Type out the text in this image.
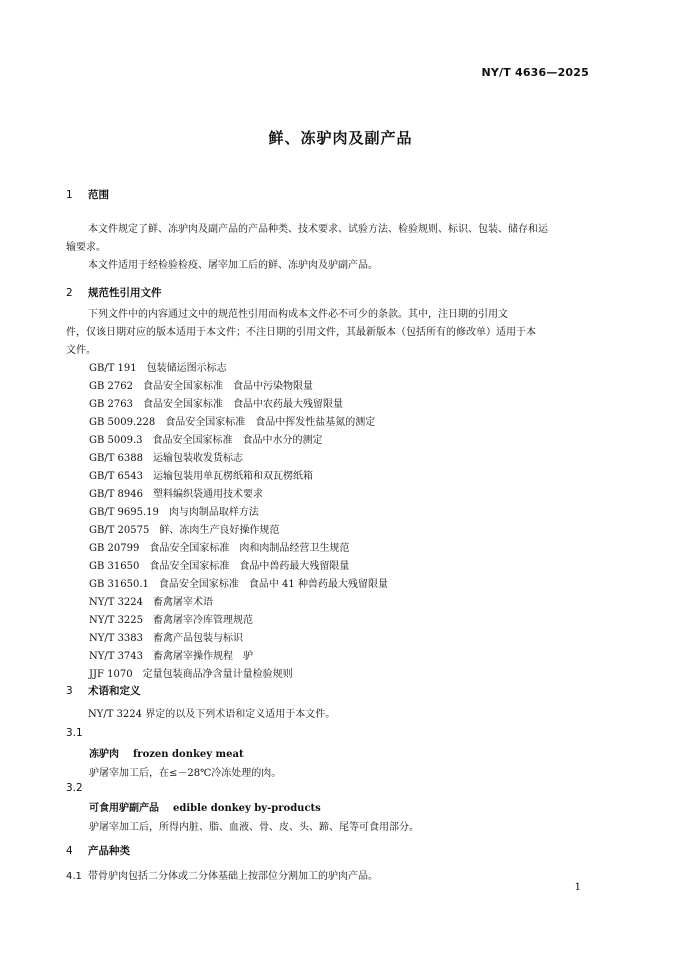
NY/T 4636—2025
鲜、冻驴肉及副产品
1 范围
本文件规定了鲜、冻驴肉及副产品的产品种类、技术要求、试验方法、检验规则、标识、包装、储存和运
输要求。
本文件适用于经检验检疫、屠宰加工后的鲜、冻驴肉及驴副产品。
2 规范性引用文件
下列文件中的内容通过文中的规范性引用而构成本文件必不可少的条款。其中，注日期的引用文
件，仅该日期对应的版本适用于本文件；不注日期的引用文件，其最新版本（包括所有的修改单）适用于本
文件。
GB/T 191　包装储运图示标志
GB 2762　食品安全国家标准　食品中污染物限量
GB 2763　食品安全国家标准　食品中农药最大残留限量
GB 5009.228　食品安全国家标准　食品中挥发性盐基氮的测定
GB 5009.3　食品安全国家标准　食品中水分的测定
GB/T 6388　运输包装收发货标志
GB/T 6543　运输包装用单瓦楞纸箱和双瓦楞纸箱
GB/T 8946　塑料编织袋通用技术要求
GB/T 9695.19　肉与肉制品取样方法
GB/T 20575　鲜、冻肉生产良好操作规范
GB 20799　食品安全国家标准　肉和肉制品经营卫生规范
GB 31650　食品安全国家标准　食品中兽药最大残留限量
GB 31650.1　食品安全国家标准　食品中 41 种兽药最大残留限量
NY/T 3224　畜禽屠宰术语
NY/T 3225　畜禽屠宰冷库管理规范
NY/T 3383　畜禽产品包装与标识
NY/T 3743　畜禽屠宰操作规程　驴
JJF 1070　定量包装商品净含量计量检验规则
3 术语和定义
NY/T 3224 界定的以及下列术语和定义适用于本文件。
3.1
冻驴肉 frozen donkey meat
驴屠宰加工后，在≤－28℃冷冻处理的肉。
3.2
可食用驴副产品 edible donkey by-products
驴屠宰加工后，所得内脏、脂、血液、骨、皮、头、蹄、尾等可食用部分。
4 产品种类
4.1 带骨驴肉包括二分体或二分体基础上按部位分割加工的驴肉产品。
1
